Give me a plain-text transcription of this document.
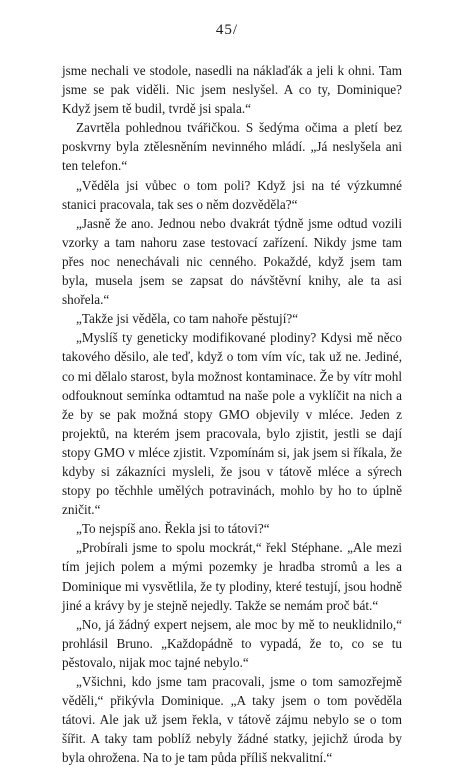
45/

jsme nechali ve stodole, nasedli na náklaďák a jeli k ohni. Tam jsme se pak viděli. Nic jsem neslyšel. A co ty, Dominique? Když jsem tě budil, tvrdě jsi spala.“

Zavrtěla pohlednou tvářičkou. S šedýma očima a pletí bez poskvrny byla ztělesněním nevinného mládí. „Já neslyšela ani ten telefon.“

„Věděla jsi vůbec o tom poli? Když jsi na té výzkumné stanici pracovala, tak ses o něm dozvěděla?“

„Jasně že ano. Jednou nebo dvakrát týdně jsme odtud vozili vzorky a tam nahoru zase testovací zařízení. Nikdy jsme tam přes noc nenechávali nic cenného. Pokaždé, když jsem tam byla, musela jsem se zapsat do návštěvní knihy, ale ta asi shořela.“

„Takže jsi věděla, co tam nahoře pěstují?“

„Myslíš ty geneticky modifikované plodiny? Kdysi mě něco takového děsilo, ale teď, když o tom vím víc, tak už ne. Jediné, co mi dělalo starost, byla možnost kontaminace. Že by vítr mohl odfouknout semínka odtamtud na naše pole a vyklíčit na nich a že by se pak možná stopy GMO objevily v mléce. Jeden z projektů, na kterém jsem pracovala, bylo zjistit, jestli se dají stopy GMO v mléce zjistit. Vzpomínám si, jak jsem si říkala, že kdyby si zákazníci mysleli, že jsou v tátově mléce a sýrech stopy po těchhle umělých potravinách, mohlo by ho to úplně zničit.“

„To nejspíš ano. Řekla jsi to tátovi?“

„Probírali jsme to spolu mockrát,“ řekl Stéphane. „Ale mezi tím jejich polem a mými pozemky je hradba stromů a les a Dominique mi vysvětlila, že ty plodiny, které testují, jsou hodně jiné a krávy by je stejně nejedly. Takže se nemám proč bát.“

„No, já žádný expert nejsem, ale moc by mě to neuklidnilo,“ prohlásil Bruno. „Každopádně to vypadá, že to, co se tu pěstovalo, nijak moc tajné nebylo.“

„Všichni, kdo jsme tam pracovali, jsme o tom samozřejmě věděli,“ přikývla Dominique. „A taky jsem o tom pověděla tátovi. Ale jak už jsem řekla, v tátově zájmu nebylo se o tom šířit. A taky tam poblíž nebyly žádné statky, jejichž úroda by byla ohrožena. Na to je tam půda příliš nekvalitní.“
